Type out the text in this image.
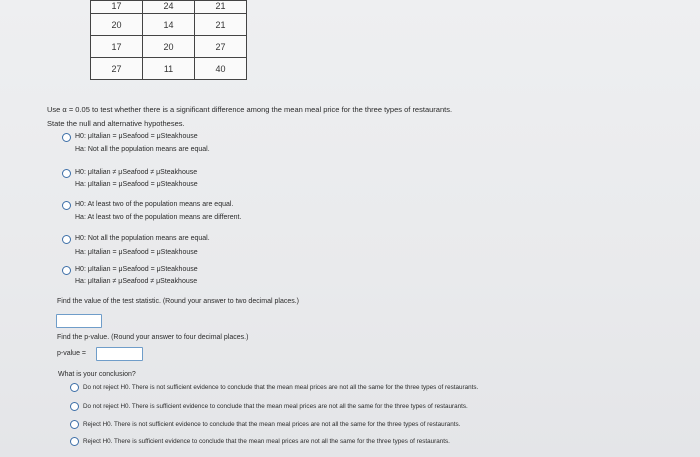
17	24	21
20	14	21
17	20	27
27	11	40
Use α = 0.05 to test whether there is a significant difference among the mean meal price for the three types of restaurants.
State the null and alternative hypotheses.
H0: μItalian = μSeafood = μSteakhouse
Ha: Not all the population means are equal.
H0: μItalian ≠ μSeafood ≠ μSteakhouse
Ha: μItalian = μSeafood = μSteakhouse
H0: At least two of the population means are equal.
Ha: At least two of the population means are different.
H0: Not all the population means are equal.
Ha: μItalian = μSeafood = μSteakhouse
H0: μItalian = μSeafood = μSteakhouse
Ha: μItalian ≠ μSeafood ≠ μSteakhouse
Find the value of the test statistic. (Round your answer to two decimal places.)
Find the p-value. (Round your answer to four decimal places.)
p-value =
What is your conclusion?
Do not reject H0. There is not sufficient evidence to conclude that the mean meal prices are not all the same for the three types of restaurants.
Do not reject H0. There is sufficient evidence to conclude that the mean meal prices are not all the same for the three types of restaurants.
Reject H0. There is not sufficient evidence to conclude that the mean meal prices are not all the same for the three types of restaurants.
Reject H0. There is sufficient evidence to conclude that the mean meal prices are not all the same for the three types of restaurants.
